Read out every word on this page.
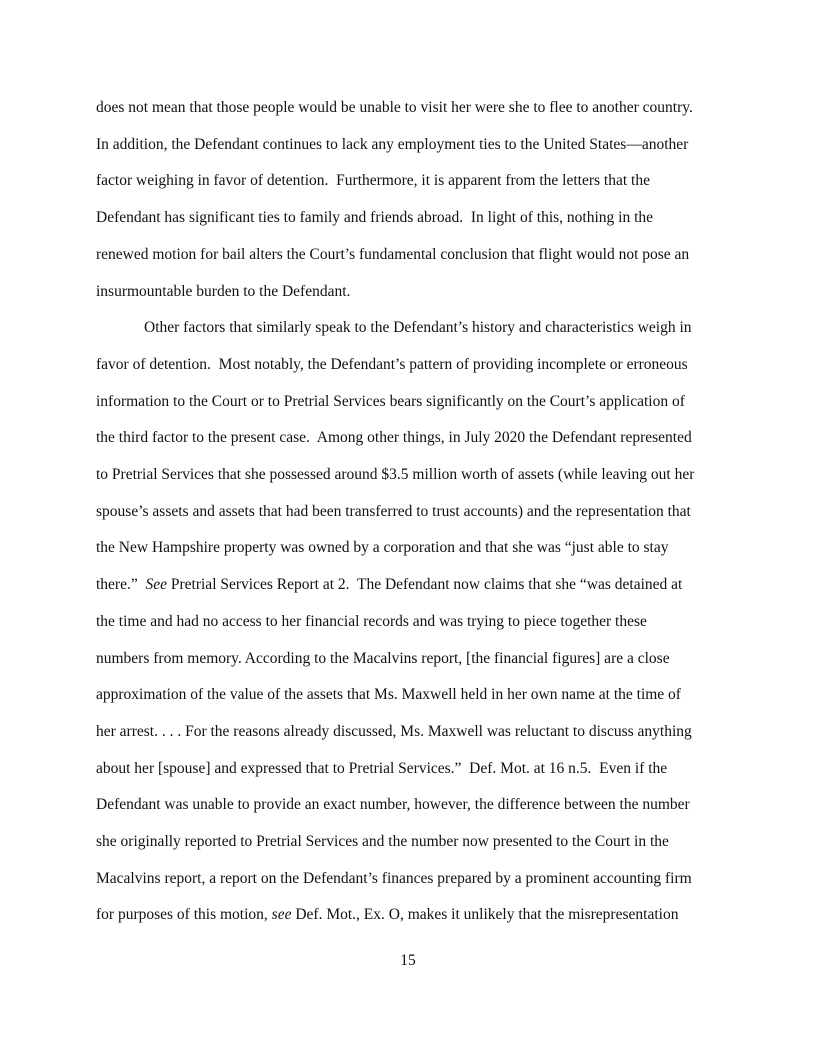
does not mean that those people would be unable to visit her were she to flee to another country.
In addition, the Defendant continues to lack any employment ties to the United States—another
factor weighing in favor of detention.  Furthermore, it is apparent from the letters that the
Defendant has significant ties to family and friends abroad.  In light of this, nothing in the
renewed motion for bail alters the Court’s fundamental conclusion that flight would not pose an
insurmountable burden to the Defendant.
Other factors that similarly speak to the Defendant’s history and characteristics weigh in
favor of detention.  Most notably, the Defendant’s pattern of providing incomplete or erroneous
information to the Court or to Pretrial Services bears significantly on the Court’s application of
the third factor to the present case.  Among other things, in July 2020 the Defendant represented
to Pretrial Services that she possessed around $3.5 million worth of assets (while leaving out her
spouse’s assets and assets that had been transferred to trust accounts) and the representation that
the New Hampshire property was owned by a corporation and that she was “just able to stay
there.”  See Pretrial Services Report at 2.  The Defendant now claims that she “was detained at
the time and had no access to her financial records and was trying to piece together these
numbers from memory. According to the Macalvins report, [the financial figures] are a close
approximation of the value of the assets that Ms. Maxwell held in her own name at the time of
her arrest. . . . For the reasons already discussed, Ms. Maxwell was reluctant to discuss anything
about her [spouse] and expressed that to Pretrial Services.”  Def. Mot. at 16 n.5.  Even if the
Defendant was unable to provide an exact number, however, the difference between the number
she originally reported to Pretrial Services and the number now presented to the Court in the
Macalvins report, a report on the Defendant’s finances prepared by a prominent accounting firm
for purposes of this motion, see Def. Mot., Ex. O, makes it unlikely that the misrepresentation
15
